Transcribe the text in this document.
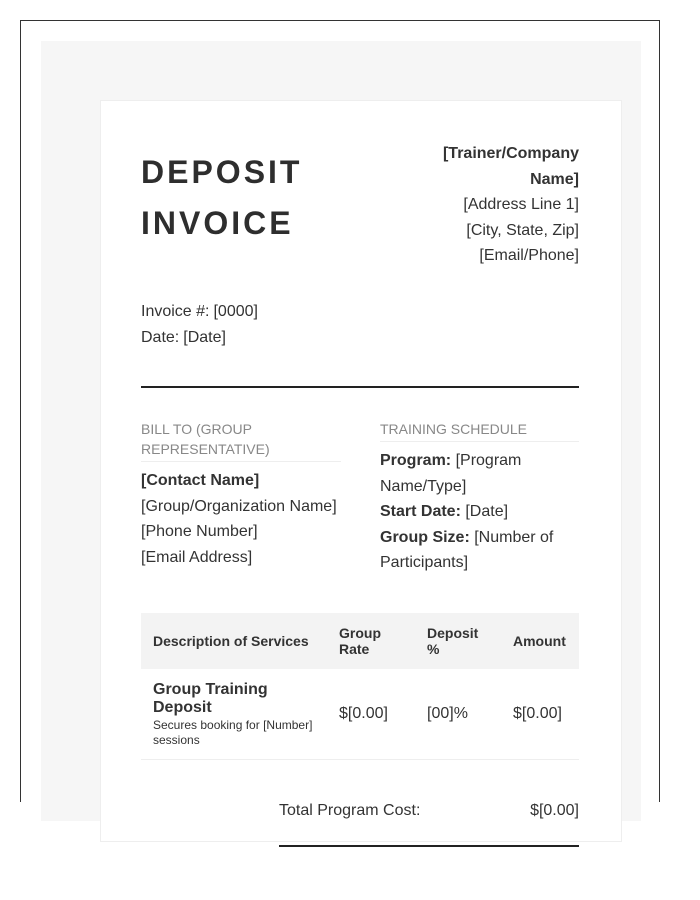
DEPOSIT INVOICE
Invoice #: [0000]
Date: [Date]
[Trainer/Company Name]
[Address Line 1]
[City, State, Zip]
[Email/Phone]
BILL TO (GROUP REPRESENTATIVE)
[Contact Name]
[Group/Organization Name]
[Phone Number]
[Email Address]
TRAINING SCHEDULE
Program: [Program Name/Type]
Start Date: [Date]
Group Size: [Number of Participants]
Description of Services	Group Rate	Deposit %	Amount

Group Training Deposit
Secures booking for [Number] sessions	$[0.00]	[00]%	$[0.00]
Total Program Cost:	$[0.00]
